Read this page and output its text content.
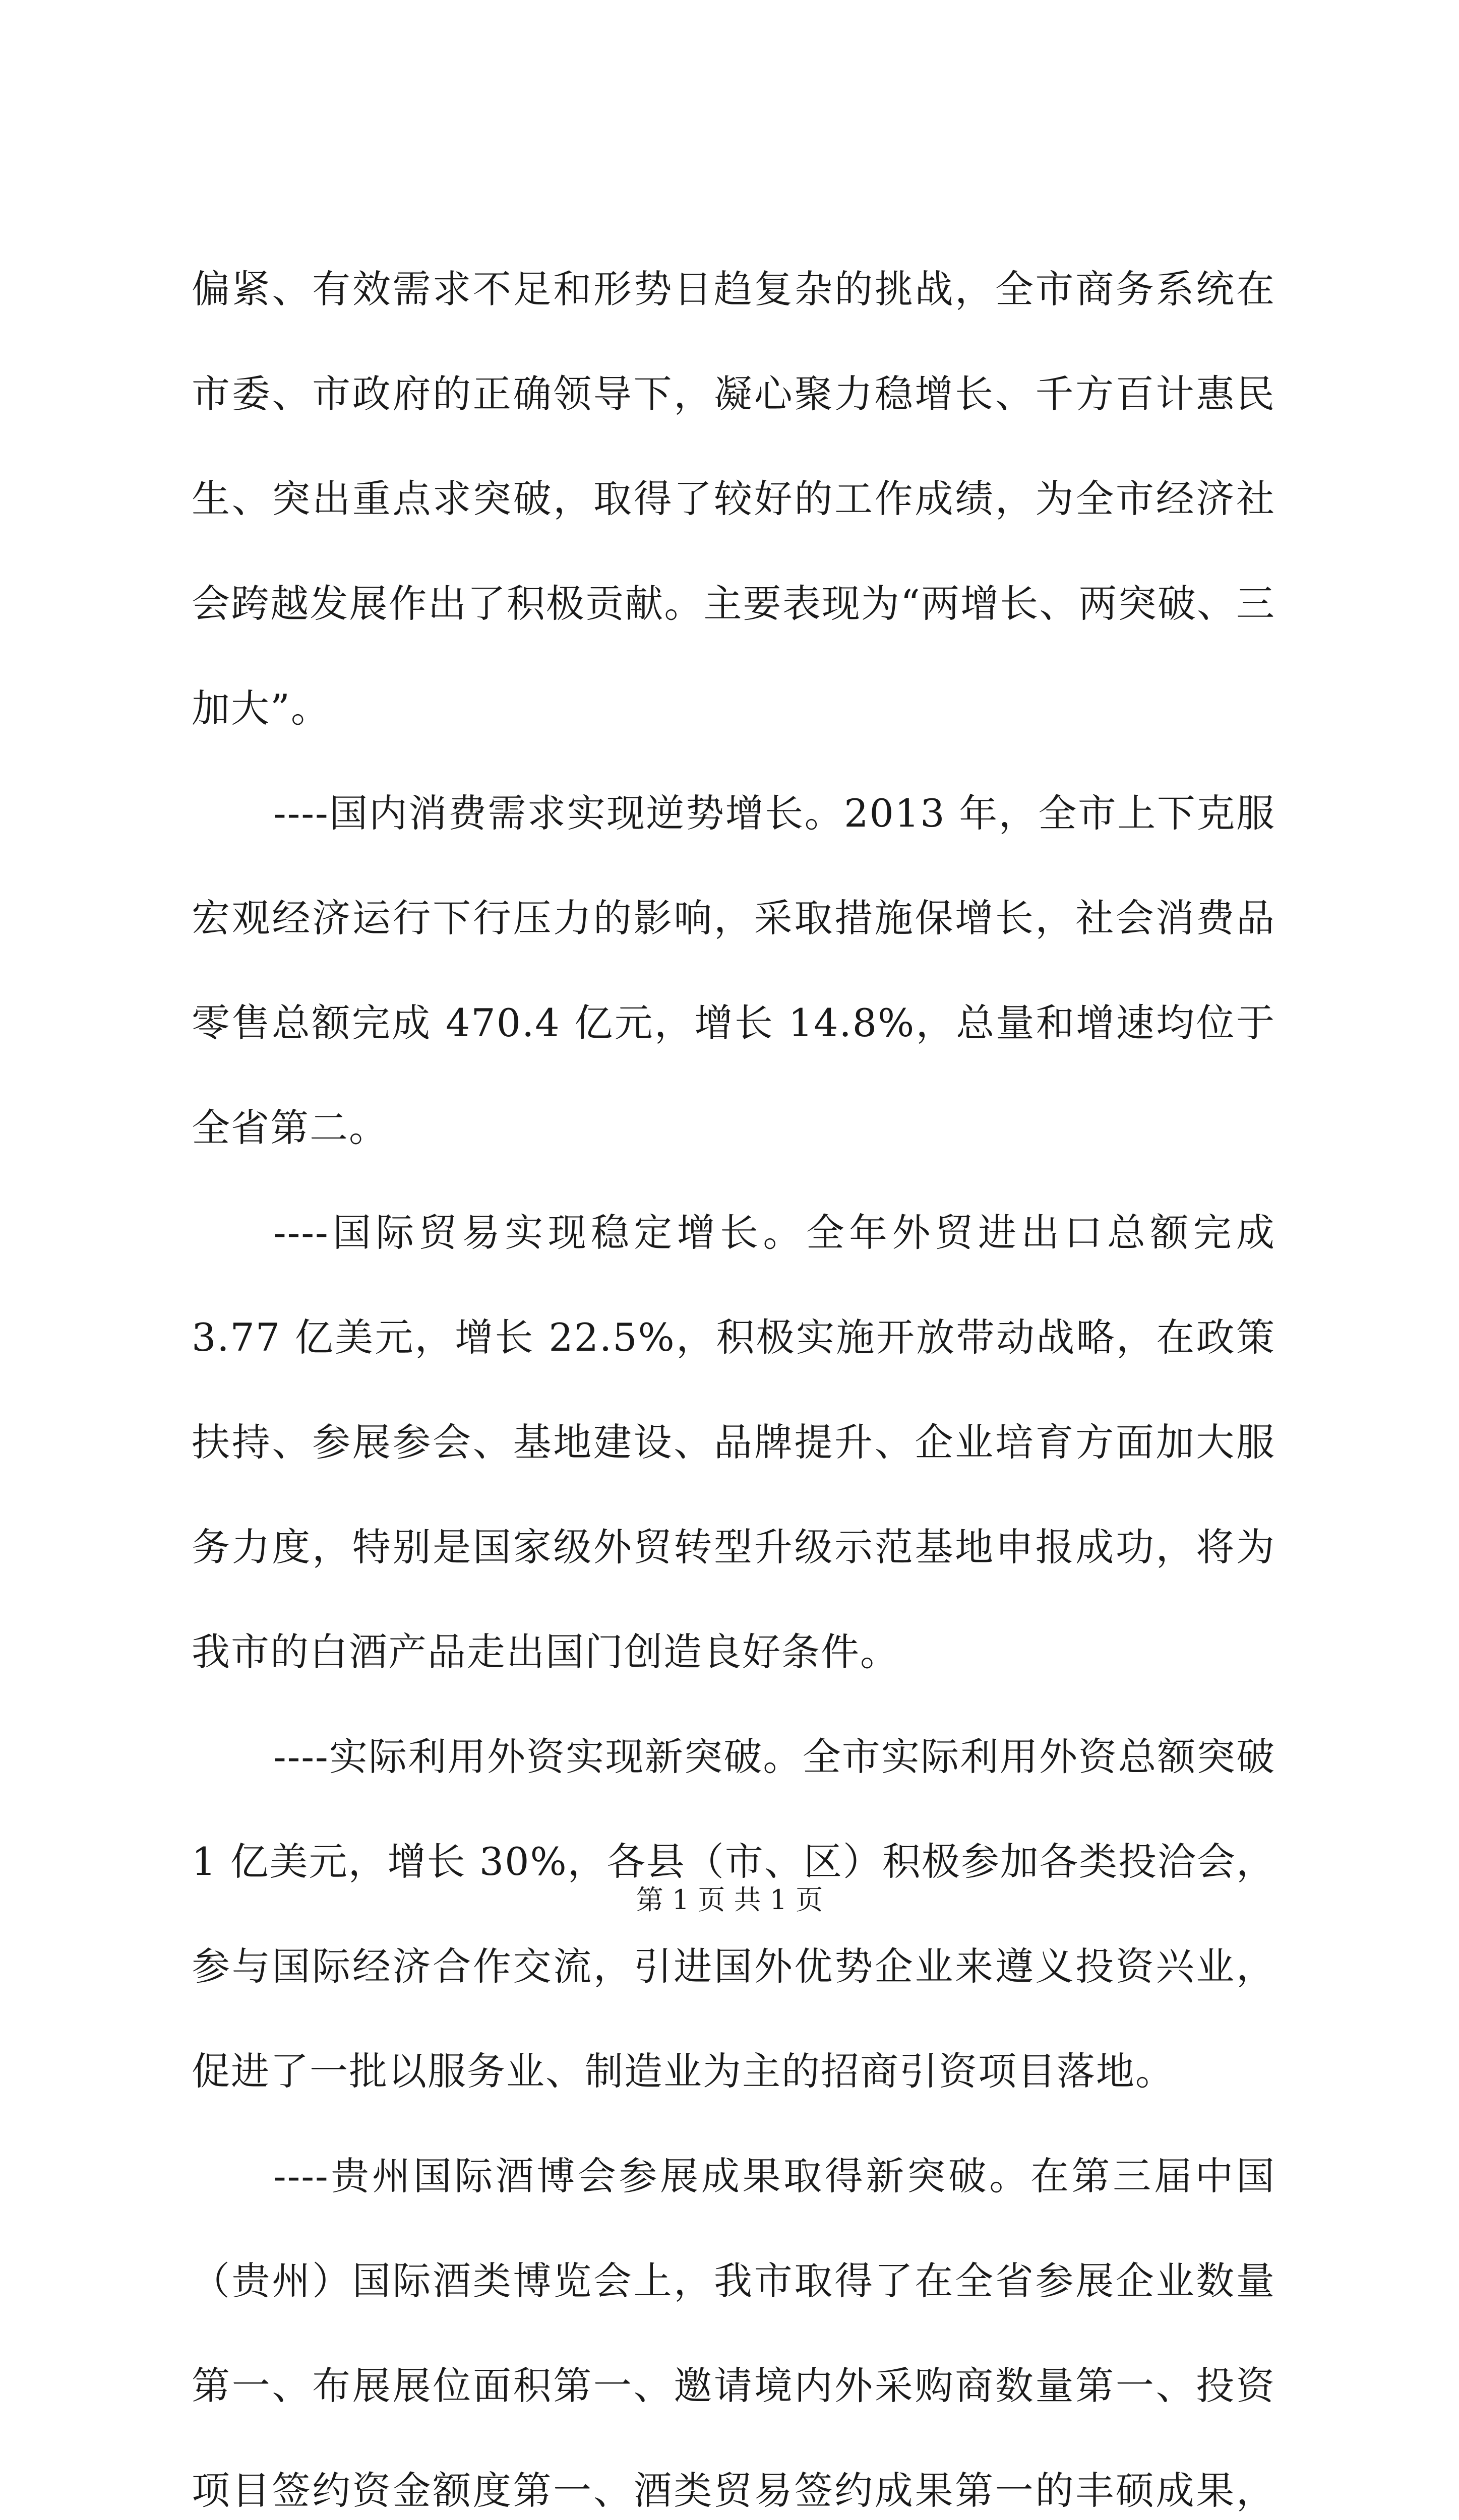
偏紧、有效需求不足和形势日趋复杂的挑战，全市商务系统在市委、市政府的正确领导下，凝心聚力稳增长、千方百计惠民生、突出重点求突破，取得了较好的工作成绩，为全市经济社会跨越发展作出了积极贡献。主要表现为“两增长、两突破、三加大”。

----国内消费需求实现逆势增长。2013 年，全市上下克服宏观经济运行下行压力的影响，采取措施保增长，社会消费品零售总额完成 470.4 亿元，增长 14.8%，总量和增速均位于全省第二。

----国际贸易实现稳定增长。全年外贸进出口总额完成 3.77 亿美元，增长 22.5%，积极实施开放带动战略，在政策扶持、参展参会、基地建设、品牌提升、企业培育方面加大服务力度，特别是国家级外贸转型升级示范基地申报成功，将为我市的白酒产品走出国门创造良好条件。

----实际利用外资实现新突破。全市实际利用外资总额突破 1 亿美元，增长 30%，各县（市、区）积极参加各类投洽会，参与国际经济合作交流，引进国外优势企业来遵义投资兴业，促进了一批以服务业、制造业为主的招商引资项目落地。

----贵州国际酒博会参展成果取得新突破。在第三届中国（贵州）国际酒类博览会上，我市取得了在全省参展企业数量第一、布展展位面积第一、邀请境内外采购商数量第一、投资项目签约资金额度第一、酒类贸易签约成果第一的丰硕成果，

第 1 页 共 1 页
